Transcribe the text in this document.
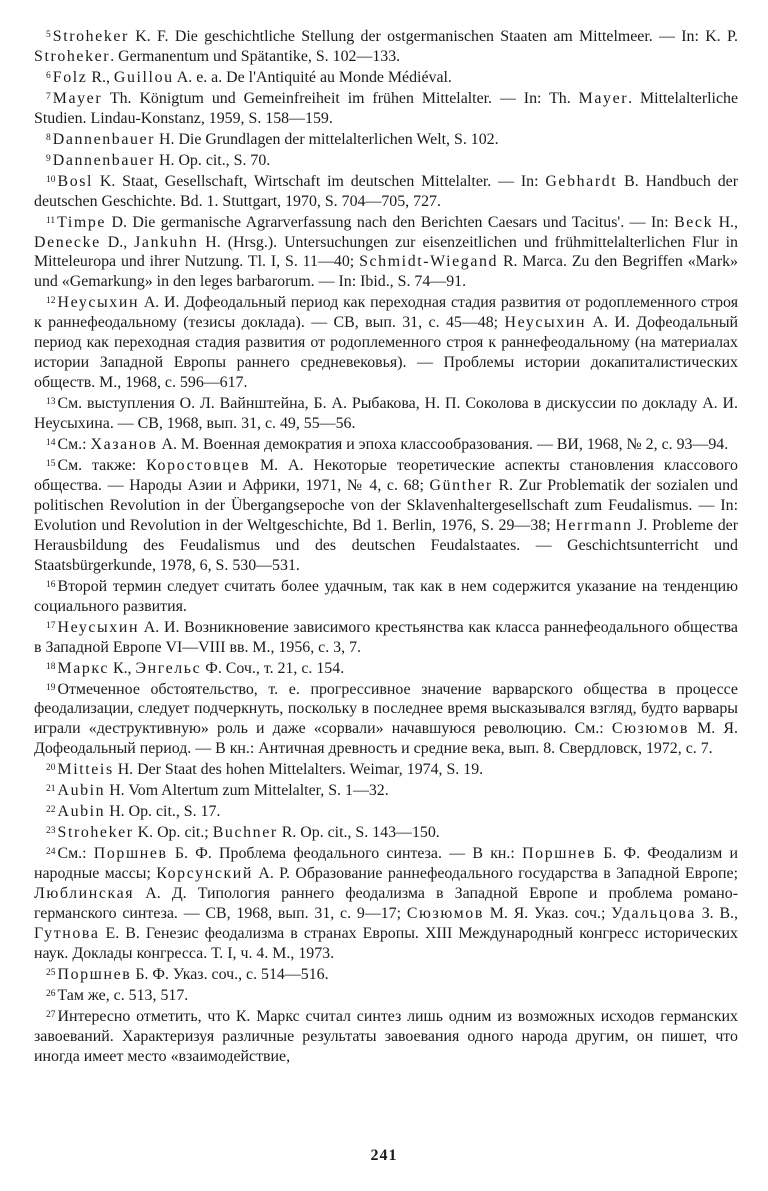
$^5$ Stroheker K. F. Die geschichtliche Stellung der ostgermanischen Staaten am Mittelmeer. — In: K. P. Stroheker. Germanentum und Spätantike, S. 102—133.

$^6$ Folz R., Guillou A. e. a. De l'Antiquité au Monde Médiéval.

$^7$ Mayer Th. Königtum und Gemeinfreiheit im frühen Mittelalter. — In: Th. Mayer. Mittelalterliche Studien. Lindau-Konstanz, 1959, S. 158—159.

$^8$ Dannenbauer H. Die Grundlagen der mittelalterlichen Welt, S. 102.

$^9$ Dannenbauer H. Op. cit., S. 70.

$^{10}$ Bosl K. Staat, Gesellschaft, Wirtschaft im deutschen Mittelalter. — In: Gebhardt B. Handbuch der deutschen Geschichte. Bd. 1. Stuttgart, 1970, S. 704—705, 727.

$^{11}$ Timpe D. Die germanische Agrarverfassung nach den Berichten Caesars und Tacitus'. — In: Beck H., Denecke D., Jankuhn H. (Hrsg.). Untersuchungen zur eisenzeitlichen und frühmittelalterlichen Flur in Mitteleuropa und ihrer Nutzung. Tl. I, S. 11—40; Schmidt-Wiegand R. Marca. Zu den Begriffen «Mark» und «Gemarkung» in den leges barbarorum. — In: Ibid., S. 74—91.

$^{12}$ Неусыхин А. И. Дофеодальный период как переходная стадия развития от родоплеменного строя к раннефеодальному (тезисы доклада). — СВ, вып. 31, с. 45—48; Неусыхин А. И. Дофеодальный период как переходная стадия развития от родоплеменного строя к раннефеодальному (на материалах истории Западной Европы раннего средневековья). — Проблемы истории докапиталистических обществ. М., 1968, с. 596—617.

$^{13}$ См. выступления О. Л. Вайнштейна, Б. А. Рыбакова, Н. П. Соколова в дискуссии по докладу А. И. Неусыхина. — СВ, 1968, вып. 31, с. 49, 55—56.

$^{14}$ См.: Хазанов А. М. Военная демократия и эпоха классообразования. — ВИ, 1968, № 2, с. 93—94.

$^{15}$ См. также: Коростовцев М. А. Некоторые теоретические аспекты становления классового общества. — Народы Азии и Африки, 1971, № 4, с. 68; Günther R. Zur Problematik der sozialen und politischen Revolution in der Übergangsepoche von der Sklavenhaltergesellschaft zum Feudalismus. — In: Evolution und Revolution in der Weltgeschichte, Bd 1. Berlin, 1976, S. 29—38; Herrmann J. Probleme der Herausbildung des Feudalismus und des deutschen Feudalstaates. — Geschichtsunterricht und Staatsbürgerkunde, 1978, 6, S. 530—531.

$^{16}$ Второй термин следует считать более удачным, так как в нем содержится указание на тенденцию социального развития.

$^{17}$ Неусыхин А. И. Возникновение зависимого крестьянства как класса раннефеодального общества в Западной Европе VI—VIII вв. М., 1956, с. 3, 7.

$^{18}$ Маркс К., Энгельс Ф. Соч., т. 21, с. 154.

$^{19}$ Отмеченное обстоятельство, т. е. прогрессивное значение варварского общества в процессе феодализации, следует подчеркнуть, поскольку в последнее время высказывался взгляд, будто варвары играли «деструктивную» роль и даже «сорвали» начавшуюся революцию. См.: Сюзюмов М. Я. Дофеодальный период. — В кн.: Античная древность и средние века, вып. 8. Свердловск, 1972, с. 7.

$^{20}$ Mitteis H. Der Staat des hohen Mittelalters. Weimar, 1974, S. 19.

$^{21}$ Aubin H. Vom Altertum zum Mittelalter, S. 1—32.

$^{22}$ Aubin H. Op. cit., S. 17.

$^{23}$ Stroheker K. Op. cit.; Buchner R. Op. cit., S. 143—150.

$^{24}$ См.: Поршнев Б. Ф. Проблема феодального синтеза. — В кн.: Поршнев Б. Ф. Феодализм и народные массы; Корсунский А. Р. Образование раннефеодального государства в Западной Европе; Люблинская А. Д. Типология раннего феодализма в Западной Европе и проблема романо-германского синтеза. — СВ, 1968, вып. 31, с. 9—17; Сюзюмов М. Я. Указ. соч.; Удальцова З. В., Гутнова Е. В. Генезис феодализма в странах Европы. XIII Международный конгресс исторических наук. Доклады конгресса. Т. I, ч. 4. М., 1973.

$^{25}$ Поршнев Б. Ф. Указ. соч., с. 514—516.

$^{26}$ Там же, с. 513, 517.

$^{27}$ Интересно отметить, что К. Маркс считал синтез лишь одним из возможных исходов германских завоеваний. Характеризуя различные результаты завоевания одного народа другим, он пишет, что иногда имеет место «взаимодействие,

241
